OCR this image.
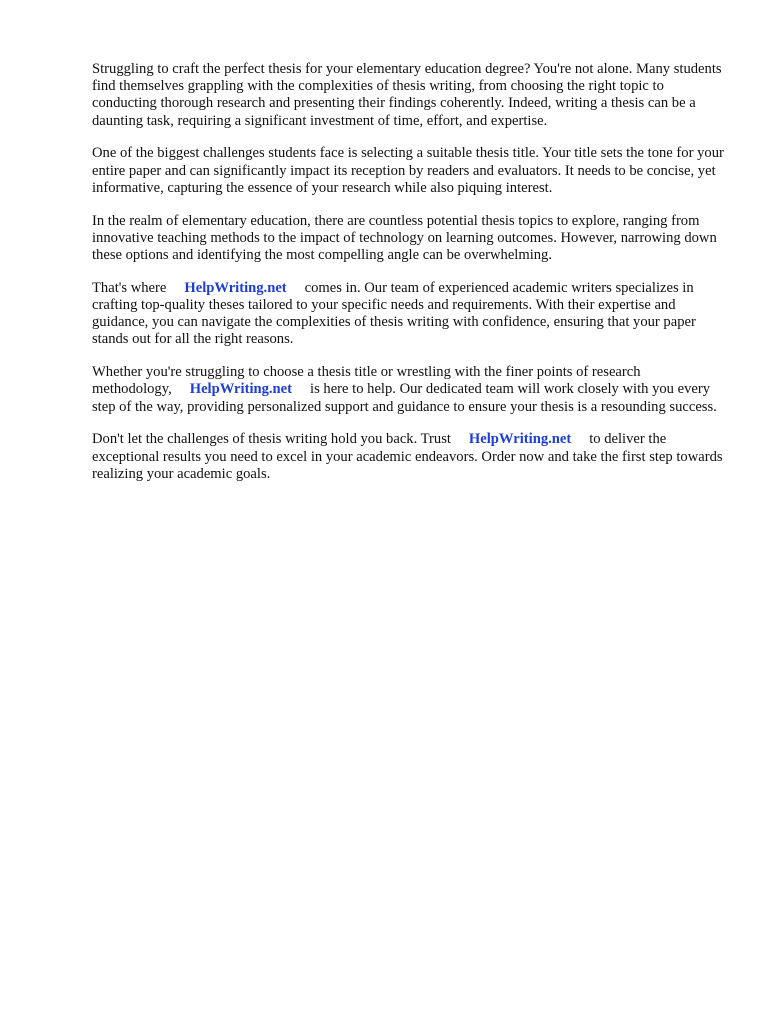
Struggling to craft the perfect thesis for your elementary education degree? You're not alone. Many students find themselves grappling with the complexities of thesis writing, from choosing the right topic to conducting thorough research and presenting their findings coherently. Indeed, writing a thesis can be a daunting task, requiring a significant investment of time, effort, and expertise.

One of the biggest challenges students face is selecting a suitable thesis title. Your title sets the tone for your entire paper and can significantly impact its reception by readers and evaluators. It needs to be concise, yet informative, capturing the essence of your research while also piquing interest.

In the realm of elementary education, there are countless potential thesis topics to explore, ranging from innovative teaching methods to the impact of technology on learning outcomes. However, narrowing down these options and identifying the most compelling angle can be overwhelming.

That's where HelpWriting.net comes in. Our team of experienced academic writers specializes in crafting top-quality theses tailored to your specific needs and requirements. With their expertise and guidance, you can navigate the complexities of thesis writing with confidence, ensuring that your paper stands out for all the right reasons.

Whether you're struggling to choose a thesis title or wrestling with the finer points of research methodology, HelpWriting.net is here to help. Our dedicated team will work closely with you every step of the way, providing personalized support and guidance to ensure your thesis is a resounding success.

Don't let the challenges of thesis writing hold you back. Trust HelpWriting.net to deliver the exceptional results you need to excel in your academic endeavors. Order now and take the first step towards realizing your academic goals.
